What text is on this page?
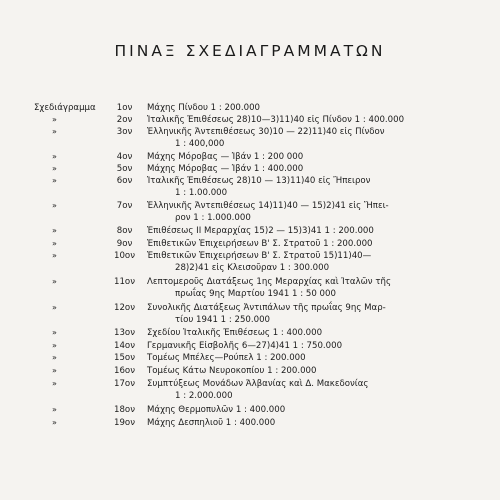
ΠΙΝΑΞ ΣΧΕΔΙΑΓΡΑΜΜΑΤΩΝ
Σχεδιάγραμμα	1ον	Μάχης Πίνδου 1 : 200.000
»	2ον	Ἰταλικῆς Ἐπιθέσεως 28)10—3)11)40 εἰς Πίνδον 1 : 400.000
»	3ον	Ἑλληνικῆς Ἀντεπιθέσεως 30)10 — 22)11)40 εἰς Πίνδον
1 : 400,000
»	4ον	Μάχης Μόροβας — Ἰβάν 1 : 200 000
»	5ον	Μάχης Μόροβας — Ἰβάν 1 : 400.000
»	6ον	Ἰταλικῆς Ἐπιθέσεως 28)10 — 13)11)40 εἰς Ἤπειρον
1 : 1.00.000
»	7ον	Ἑλληνικῆς Ἀντεπιθέσεως 14)11)40 — 15)2)41 εἰς Ἤπει-
ρον 1 : 1.000.000
»	8ον	Ἐπιθέσεως ΙΙ Μεραρχίας 15)2 — 15)3)41 1 : 200.000
»	9ον	Ἐπιθετικῶν Ἐπιχειρήσεων Β' Σ. Στρατοῦ 1 : 200.000
»	10ον	Ἐπιθετικῶν Ἐπιχειρήσεων Β' Σ. Στρατοῦ 15)11)40—
28)2)41 εἰς Κλεισοῦραν 1 : 300.000
»	11ον	Λεπτομεροῦς Διατάξεως 1ης Μεραρχίας καὶ Ἰταλῶν τῆς
πρωΐας 9ης Μαρτίου 1941 1 : 50 000
»	12ον	Συνολικῆς Διατάξεως Ἀντιπάλων τῆς πρωΐας 9ης Μαρ-
τίου 1941 1 : 250.000
»	13ον	Σχεδίου Ἰταλικῆς Ἐπιθέσεως 1 : 400.000
»	14ον	Γερμανικῆς Εἰσβολῆς 6—27)4)41 1 : 750.000
»	15ον	Τομέως Μπέλες—Ρούπελ 1 : 200.000
»	16ον	Τομέως Κάτω Νευροκοπίου 1 : 200.000
»	17ον	Συμπτύξεως Μονάδων Ἀλβανίας καὶ Δ. Μακεδονίας
1 : 2.000.000
»	18ον	Μάχης Θερμοπυλῶν 1 : 400.000
»	19ον	Μάχης Δεσπηλιοῦ 1 : 400.000
